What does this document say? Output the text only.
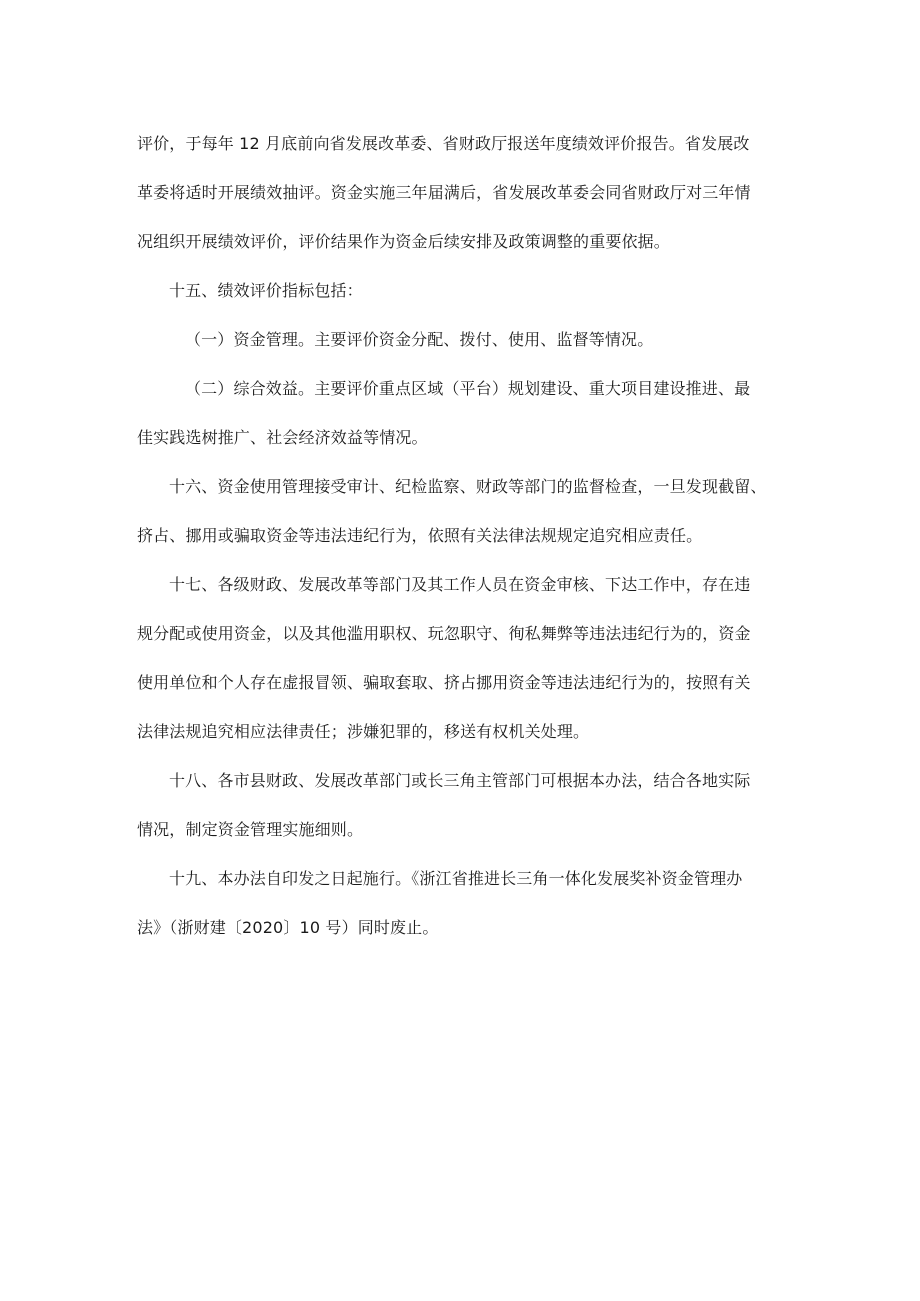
评价，于每年 12 月底前向省发展改革委、省财政厅报送年度绩效评价报告。省发展改
革委将适时开展绩效抽评。资金实施三年届满后，省发展改革委会同省财政厅对三年情
况组织开展绩效评价，评价结果作为资金后续安排及政策调整的重要依据。
十五、绩效评价指标包括：
（一）资金管理。主要评价资金分配、拨付、使用、监督等情况。
（二）综合效益。主要评价重点区域（平台）规划建设、重大项目建设推进、最
佳实践选树推广、社会经济效益等情况。
十六、资金使用管理接受审计、纪检监察、财政等部门的监督检查，一旦发现截留、
挤占、挪用或骗取资金等违法违纪行为，依照有关法律法规规定追究相应责任。
十七、各级财政、发展改革等部门及其工作人员在资金审核、下达工作中，存在违
规分配或使用资金，以及其他滥用职权、玩忽职守、徇私舞弊等违法违纪行为的，资金
使用单位和个人存在虚报冒领、骗取套取、挤占挪用资金等违法违纪行为的，按照有关
法律法规追究相应法律责任；涉嫌犯罪的，移送有权机关处理。
十八、各市县财政、发展改革部门或长三角主管部门可根据本办法，结合各地实际
情况，制定资金管理实施细则。
十九、本办法自印发之日起施行。《浙江省推进长三角一体化发展奖补资金管理办
法》（浙财建〔2020〕10 号）同时废止。
